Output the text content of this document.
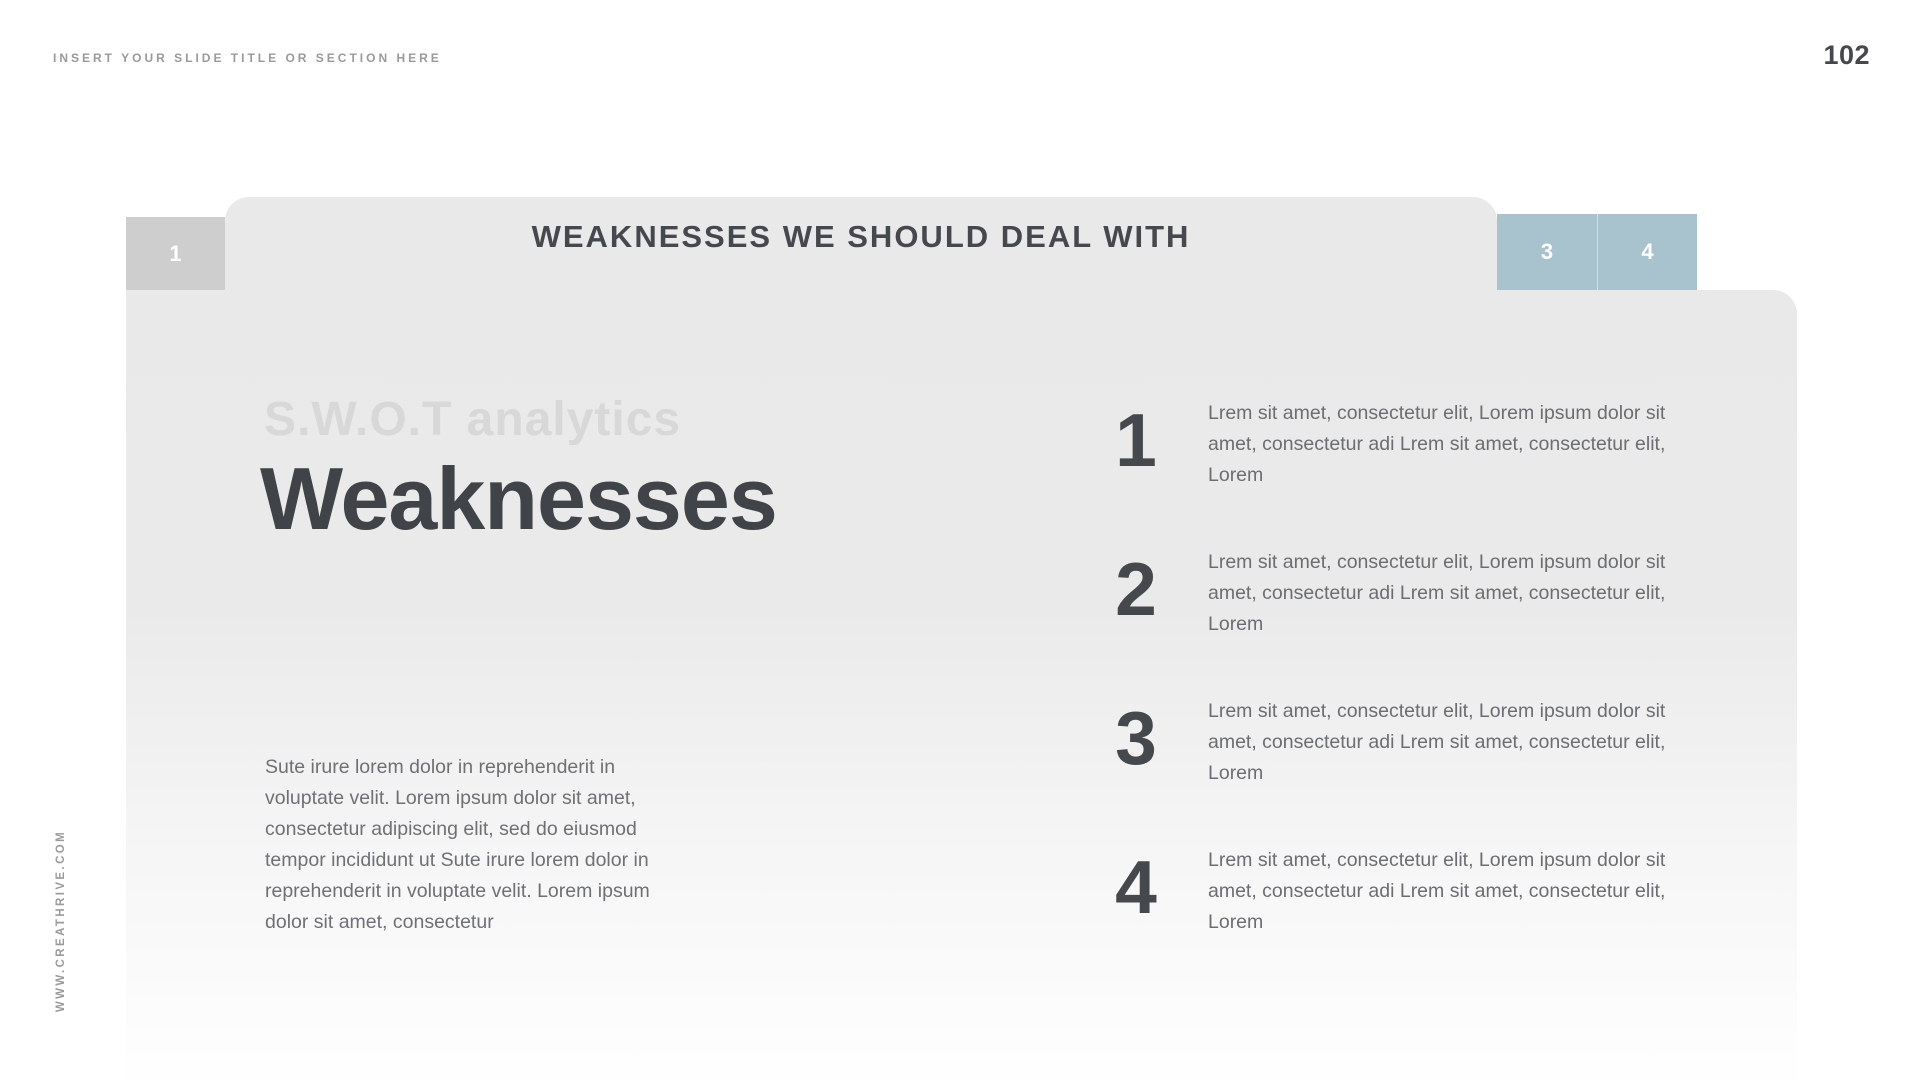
INSERT YOUR SLIDE TITLE OR SECTION HERE	102
1	WEAKNESSES WE SHOULD DEAL WITH	3	4
S.W.O.T analytics
Weaknesses
Sute irure lorem dolor in reprehenderit in voluptate velit. Lorem ipsum dolor sit amet, consectetur adipiscing elit, sed do eiusmod tempor incididunt ut Sute irure lorem dolor in reprehenderit in voluptate velit. Lorem ipsum dolor sit amet, consectetur
1	Lrem sit amet, consectetur elit, Lorem ipsum dolor sit amet, consectetur adi Lrem sit amet, consectetur elit, Lorem
2	Lrem sit amet, consectetur elit, Lorem ipsum dolor sit amet, consectetur adi Lrem sit amet, consectetur elit, Lorem
3	Lrem sit amet, consectetur elit, Lorem ipsum dolor sit amet, consectetur adi Lrem sit amet, consectetur elit, Lorem
4	Lrem sit amet, consectetur elit, Lorem ipsum dolor sit amet, consectetur adi Lrem sit amet, consectetur elit, Lorem
WWW.CREATHRIVE.COM
